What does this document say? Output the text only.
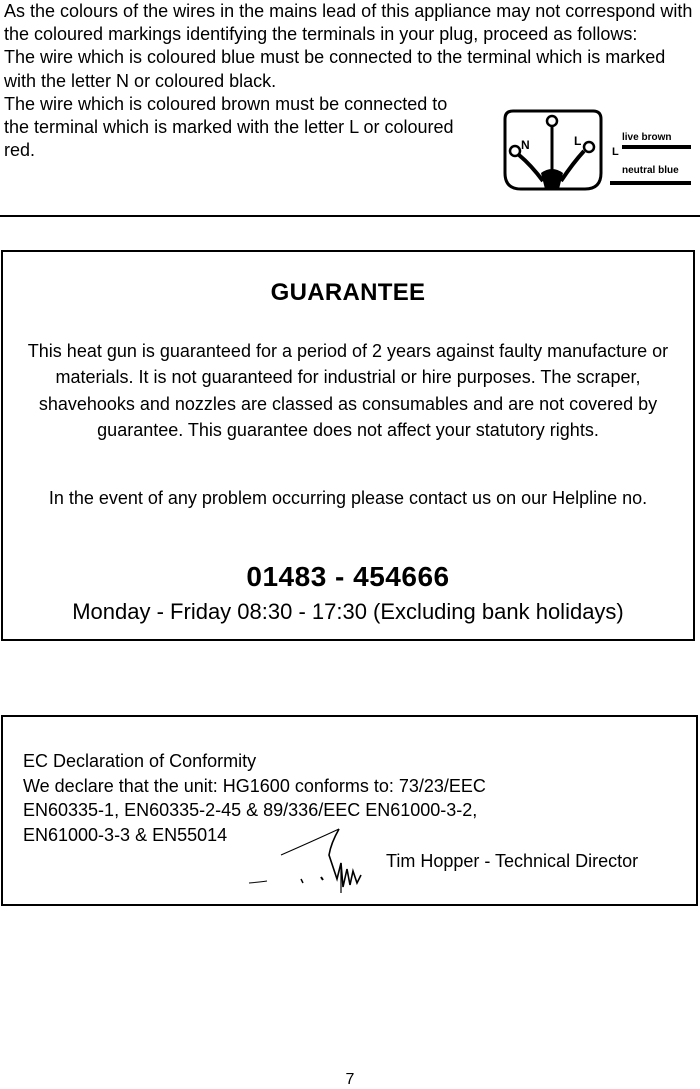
As the colours of the wires in the mains lead of this appliance may not correspond with the coloured markings identifying the terminals in your plug, proceed as follows:

The wire which is coloured blue must be connected to the terminal which is marked with the letter N or coloured black.

The wire which is coloured brown must be connected to the terminal which is marked with the letter L or coloured red.	N	L
L
live brown
neutral blue
GUARANTEE
This heat gun is guaranteed for a period of 2 years against faulty manufacture or materials. It is not guaranteed for industrial or hire purposes. The scraper, shavehooks and nozzles are classed as consumables and are not covered by guarantee. This guarantee does not affect your statutory rights.
In the event of any problem occurring please contact us on our Helpline no.
01483 - 454666
Monday - Friday 08:30 - 17:30 (Excluding bank holidays)
EC Declaration of Conformity
We declare that the unit: HG1600 conforms to: 73/23/EEC
EN60335-1, EN60335-2-45 & 89/336/EEC EN61000-3-2,
EN61000-3-3 & EN55014
Tim Hopper - Technical Director
7
